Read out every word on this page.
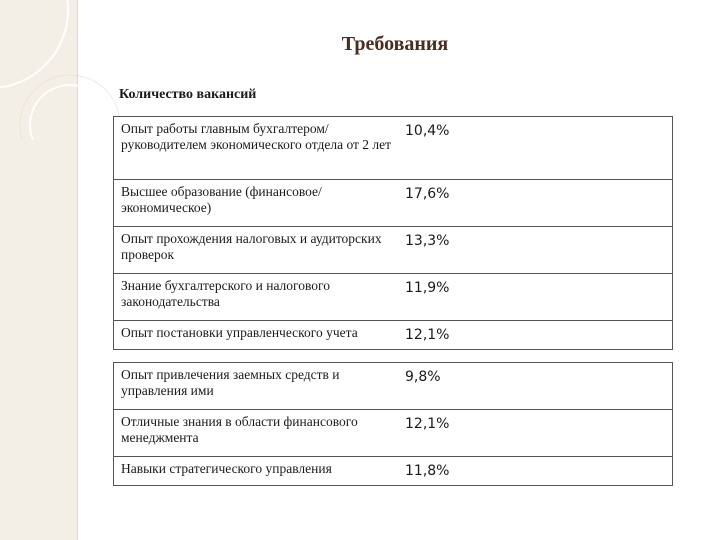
Требования
Количество вакансий
Опыт работы главным бухгалтером/руководителем экономического отдела от 2 лет
10,4%
Высшее образование (финансовое/экономическое)
17,6%
Опыт прохождения налоговых и аудиторских проверок
13,3%
Знание бухгалтерского и налогового законодательства
11,9%
Опыт постановки управленческого учета	12,1%
Опыт привлечения заемных средств и управления ими
9,8%
Отличные знания в области финансового менеджмента
12,1%
Навыки стратегического управления	11,8%
